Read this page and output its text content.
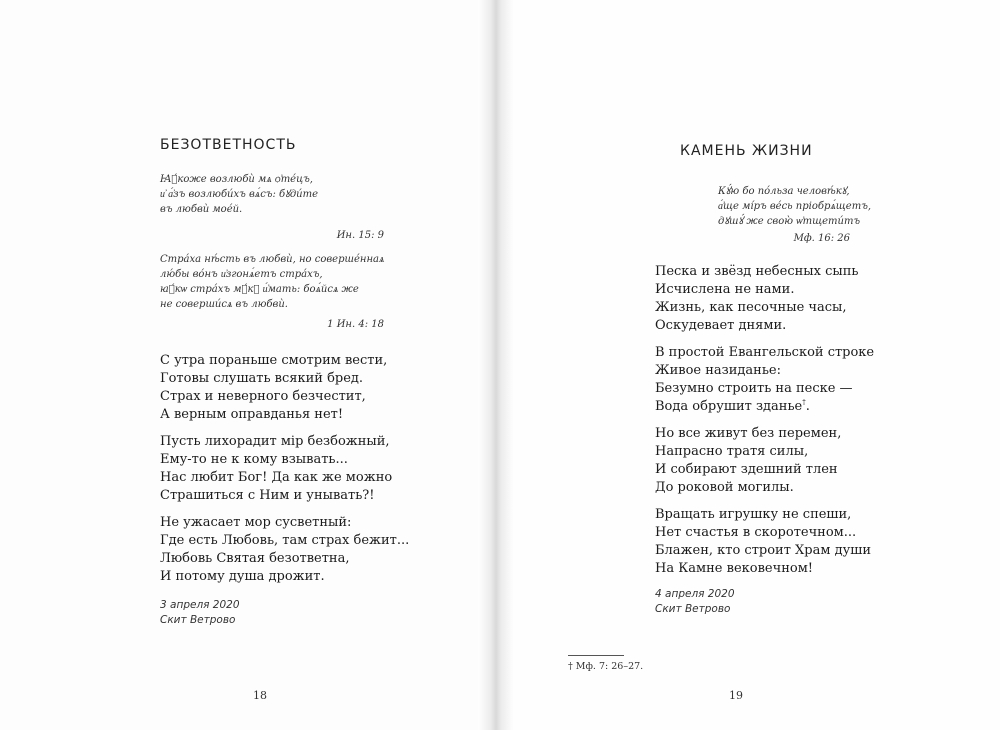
БЕЗОТВЕТНОСТЬ
Ꙗ҆́коже возлюбѝ мѧ ѻ҆те́цъ,
и҆ а҆́зъ возлюби́хъ вѧ́съ: бꙋди́те
въ любвѝ мое́й.
Ин. 15: 9
Стра́ха нѣ́сть въ любвѝ, но соверше́ннаѧ
лю́бы во́нъ и҆згонѧ́етъ стра́хъ,
ꙗ҆́кѡ стра́хъ мꙋ́кꙋ и҆́мать: боѧ́йсѧ же
не соверши́сѧ въ любвѝ.
1 Ин. 4: 18
С утра пораньше смотрим вести,
Готовы слушать всякий бред.
Страх и неверного безчестит,
А верным оправданья нет!
Пусть лихорадит мір безбожный,
Ему-то не к кому взывать...
Нас любит Бог! Да как же можно
Страшиться с Ним и унывать?!
Не ужасает мор сусветный:
Где есть Любовь, там страх бежит...
Любовь Святая безответна,
И потому душа дрожит.
3 апреля 2020
Скит Ветрово
18
КАМЕНЬ ЖИЗНИ
Кꙋ́ю бо по́льза человѣ́кꙋ,
а҆́ще мі́ръ ве́сь пріобрѧ́щетъ,
дꙋшꙋ́ же свою̀ ѡ҆тщети́тъ
Мф. 16: 26
Песка и звёзд небесных сыпь
Исчислена не нами.
Жизнь, как песочные часы,
Оскудевает днями.
В простой Евангельской строке
Живое назиданье:
Безумно строить на песке —
Вода обрушит зданье†.
Но все живут без перемен,
Напрасно тратя силы,
И собирают здешний тлен
До роковой могилы.
Вращать игрушку не спеши,
Нет счастья в скоротечном...
Блажен, кто строит Храм души
На Камне вековечном!
4 апреля 2020
Скит Ветрово
† Мф. 7: 26–27.
19
